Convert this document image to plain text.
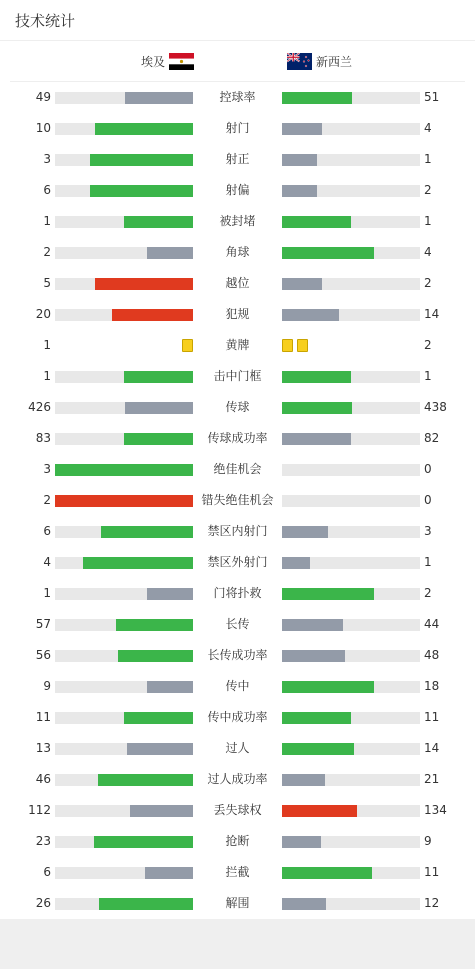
技术统计
埃及	新西兰
49	控球率	51
10	射门	4
3	射正	1
6	射偏	2
1	被封堵	1
2	角球	4
5	越位	2
20	犯规	14
1	黄牌	2
1	击中门框	1
426	传球	438
83	传球成功率	82
3	绝佳机会	0
2	错失绝佳机会	0
6	禁区内射门	3
4	禁区外射门	1
1	门将扑救	2
57	长传	44
56	长传成功率	48
9	传中	18
11	传中成功率	11
13	过人	14
46	过人成功率	21
112	丢失球权	134
23	抢断	9
6	拦截	11
26	解围	12
